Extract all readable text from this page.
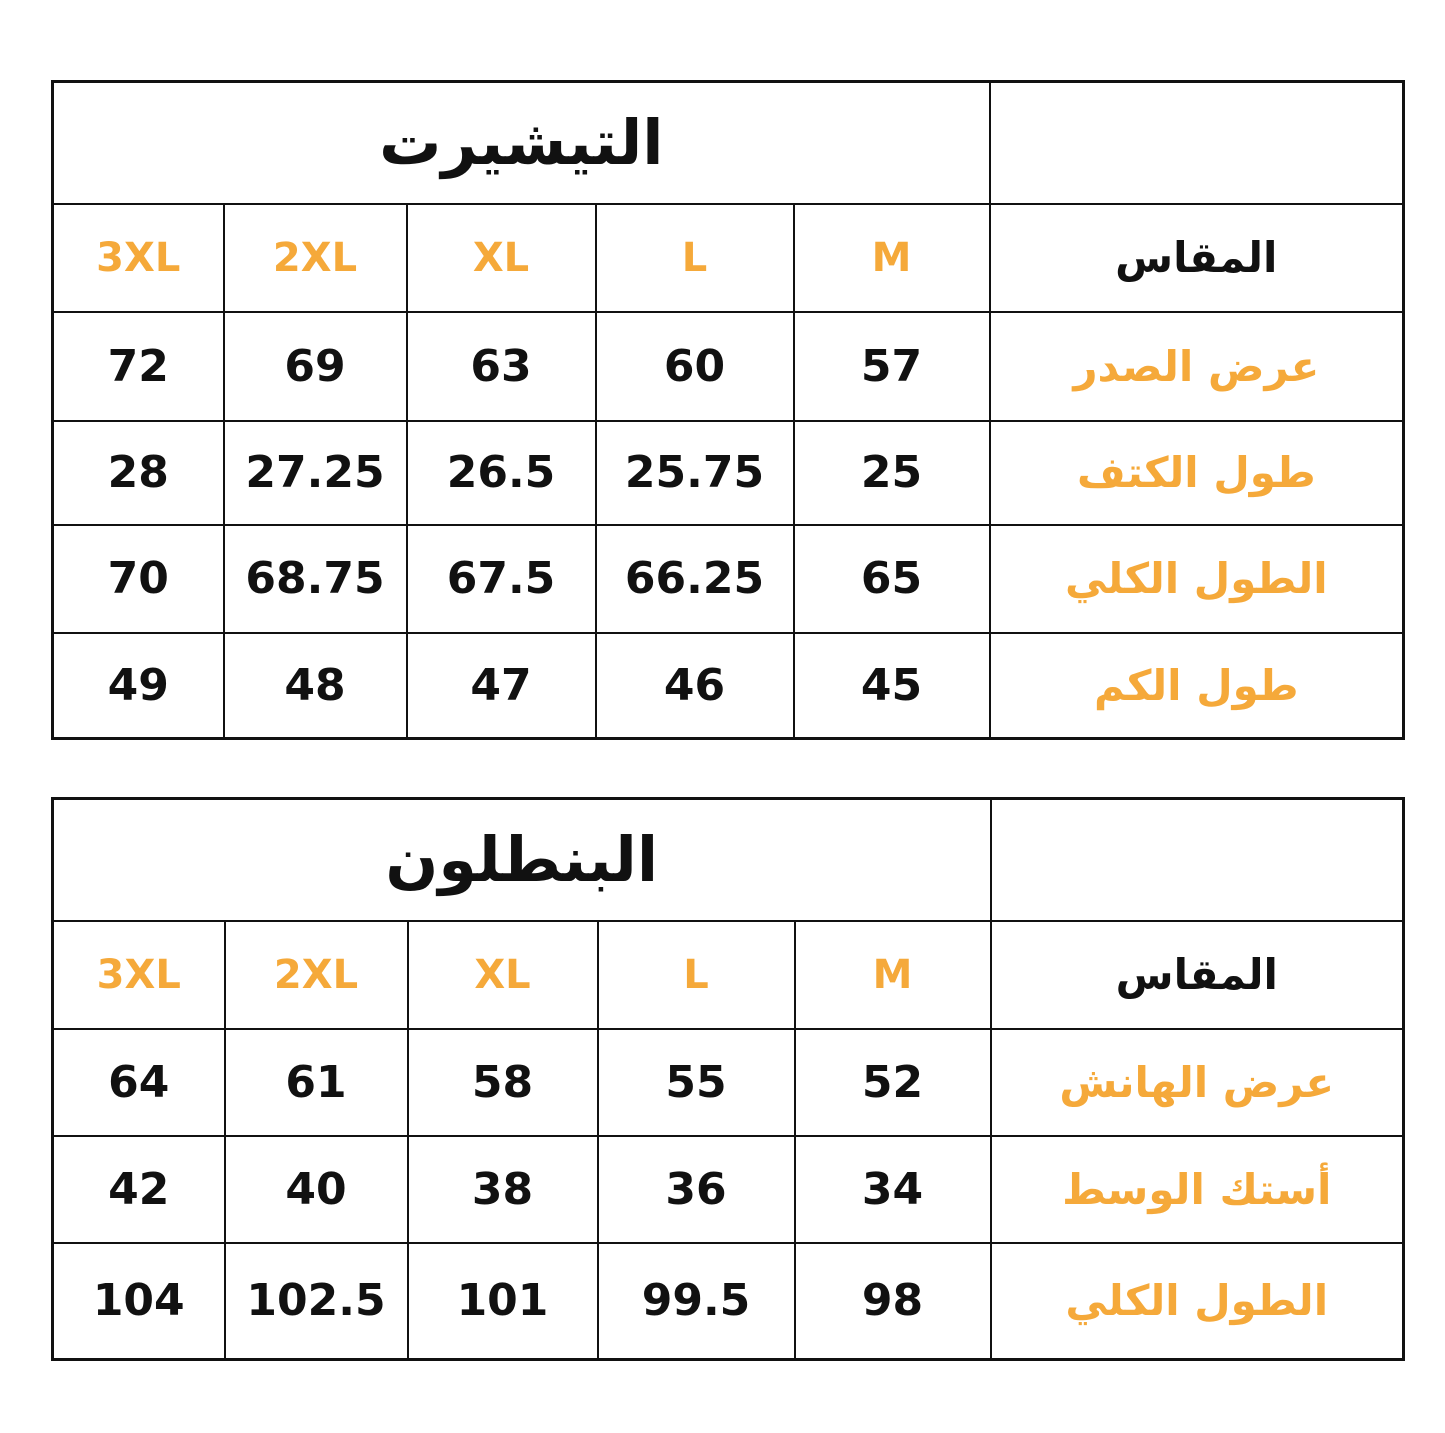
التيشيرت					
3XL	2XL	XL	L	M	المقاس
72	69	63	60	57	عرض الصدر
28	27.25	26.5	25.75	25	طول الكتف
70	68.75	67.5	66.25	65	الطول الكلي
49	48	47	46	45	طول الكم
البنطلون					
3XL	2XL	XL	L	M	المقاس
64	61	58	55	52	عرض الهانش
42	40	38	36	34	أستك الوسط
104	102.5	101	99.5	98	الطول الكلي
